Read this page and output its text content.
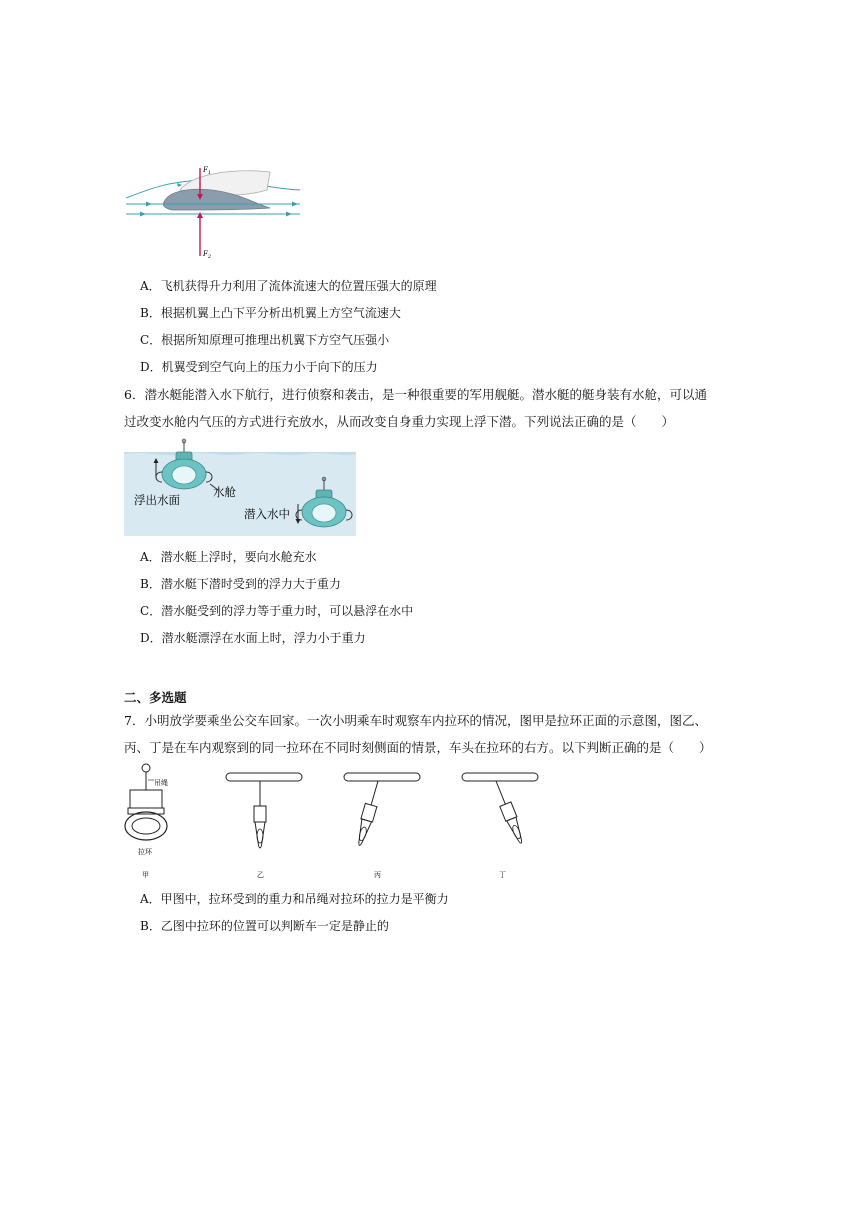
$F_1$
$F_2$
A．飞机获得升力利用了流体流速大的位置压强大的原理
B．根据机翼上凸下平分析出机翼上方空气流速大
C．根据所知原理可推理出机翼下方空气压强小
D．机翼受到空气向上的压力小于向下的压力
6．潜水艇能潜入水下航行，进行侦察和袭击，是一种很重要的军用舰艇。潜水艇的艇身装有水舱，可以通
过改变水舱内气压的方式进行充放水，从而改变自身重力实现上浮下潜。下列说法正确的是（　　）
浮出水面
水舱
潜入水中
A．潜水艇上浮时，要向水舱充水
B．潜水艇下潜时受到的浮力大于重力
C．潜水艇受到的浮力等于重力时，可以悬浮在水中
D．潜水艇漂浮在水面上时，浮力小于重力
二、多选题
7．小明放学要乘坐公交车回家。一次小明乘车时观察车内拉环的情况，图甲是拉环正面的示意图，图乙、
丙、丁是在车内观察到的同一拉环在不同时刻侧面的情景，车头在拉环的右方。以下判断正确的是（　　）
吊绳
拉环
甲	乙	丙	丁
A．甲图中，拉环受到的重力和吊绳对拉环的拉力是平衡力
B．乙图中拉环的位置可以判断车一定是静止的
